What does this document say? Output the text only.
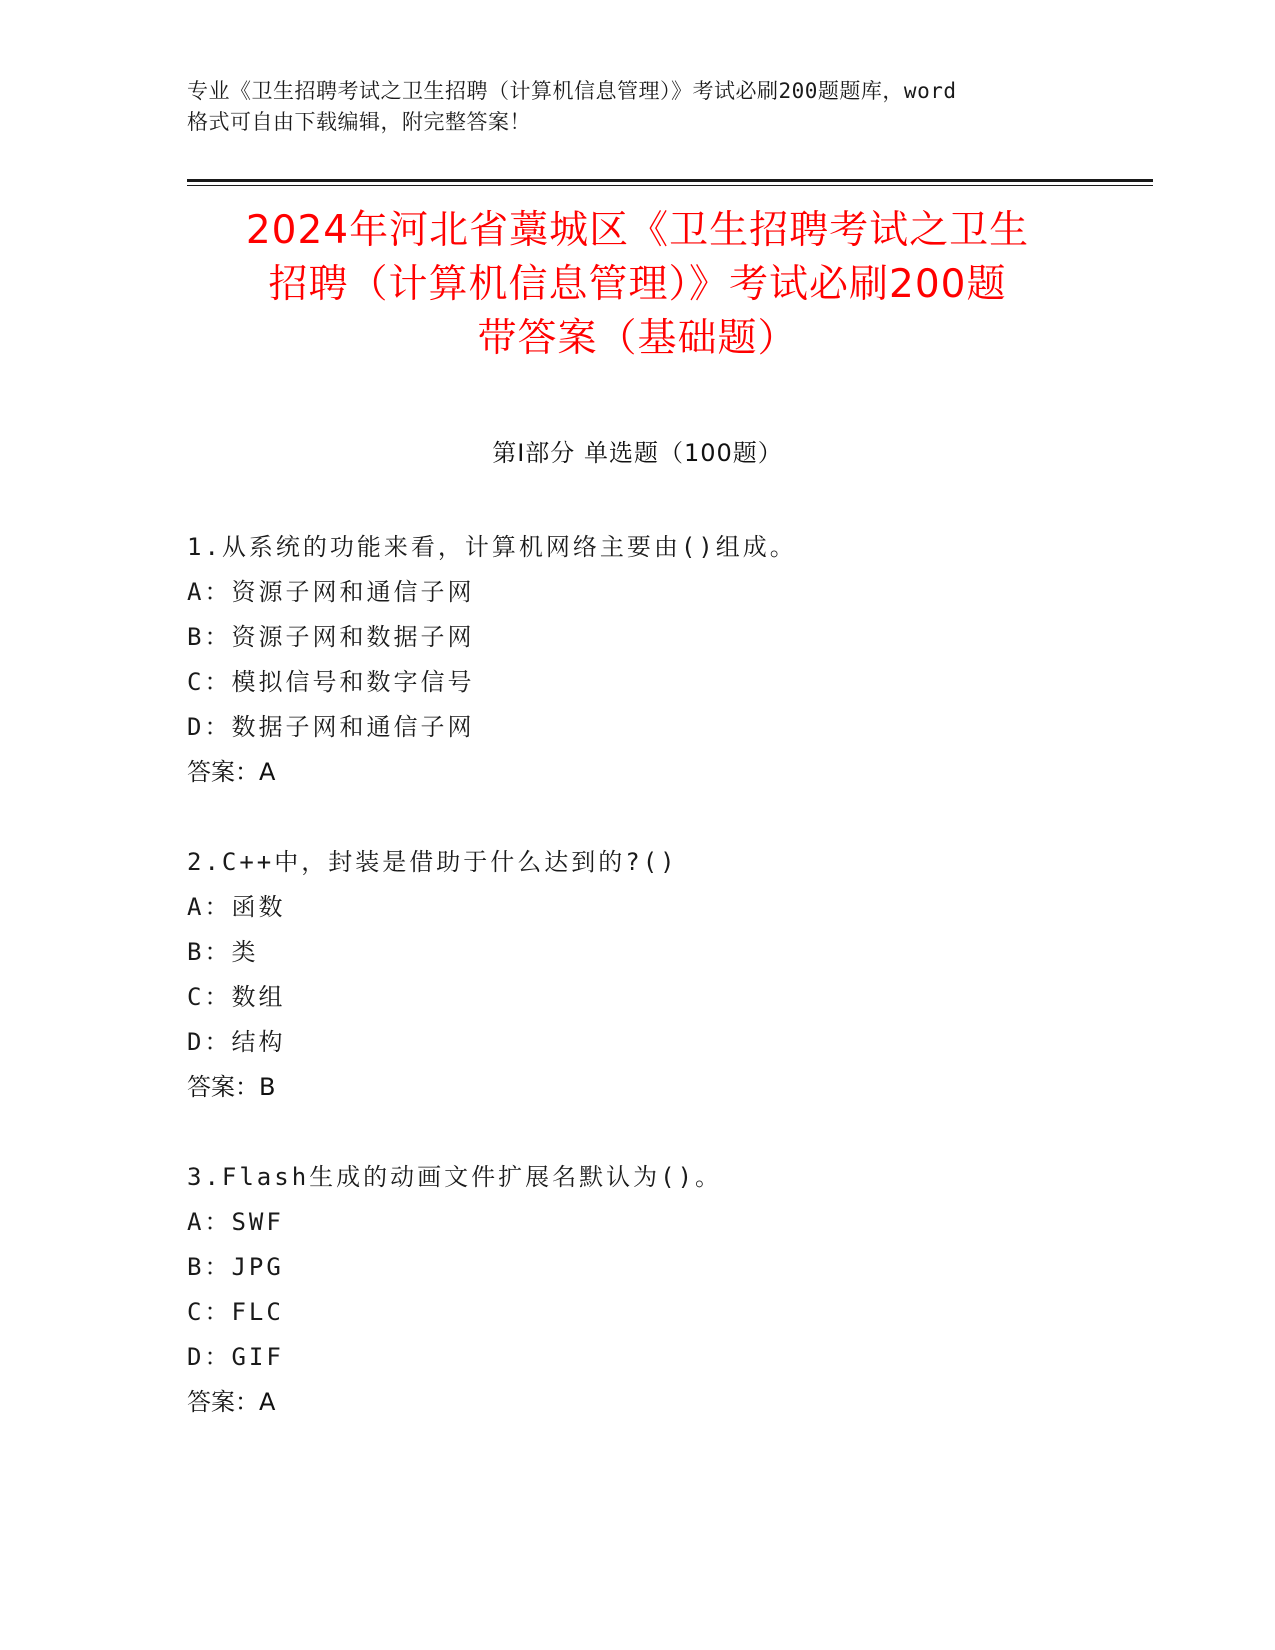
专业《卫生招聘考试之卫生招聘（计算机信息管理）》考试必刷200题题库，word
格式可自由下载编辑，附完整答案！
2024年河北省藁城区《卫生招聘考试之卫生
招聘（计算机信息管理）》考试必刷200题
带答案（基础题）
第Ⅰ部分 单选题（100题）
1.从系统的功能来看，计算机网络主要由()组成。
A：资源子网和通信子网
B：资源子网和数据子网
C：模拟信号和数字信号
D：数据子网和通信子网
答案：A
2.C++中，封装是借助于什么达到的?()
A：函数
B：类
C：数组
D：结构
答案：B
3.Flash生成的动画文件扩展名默认为()。
A：SWF
B：JPG
C：FLC
D：GIF
答案：A
